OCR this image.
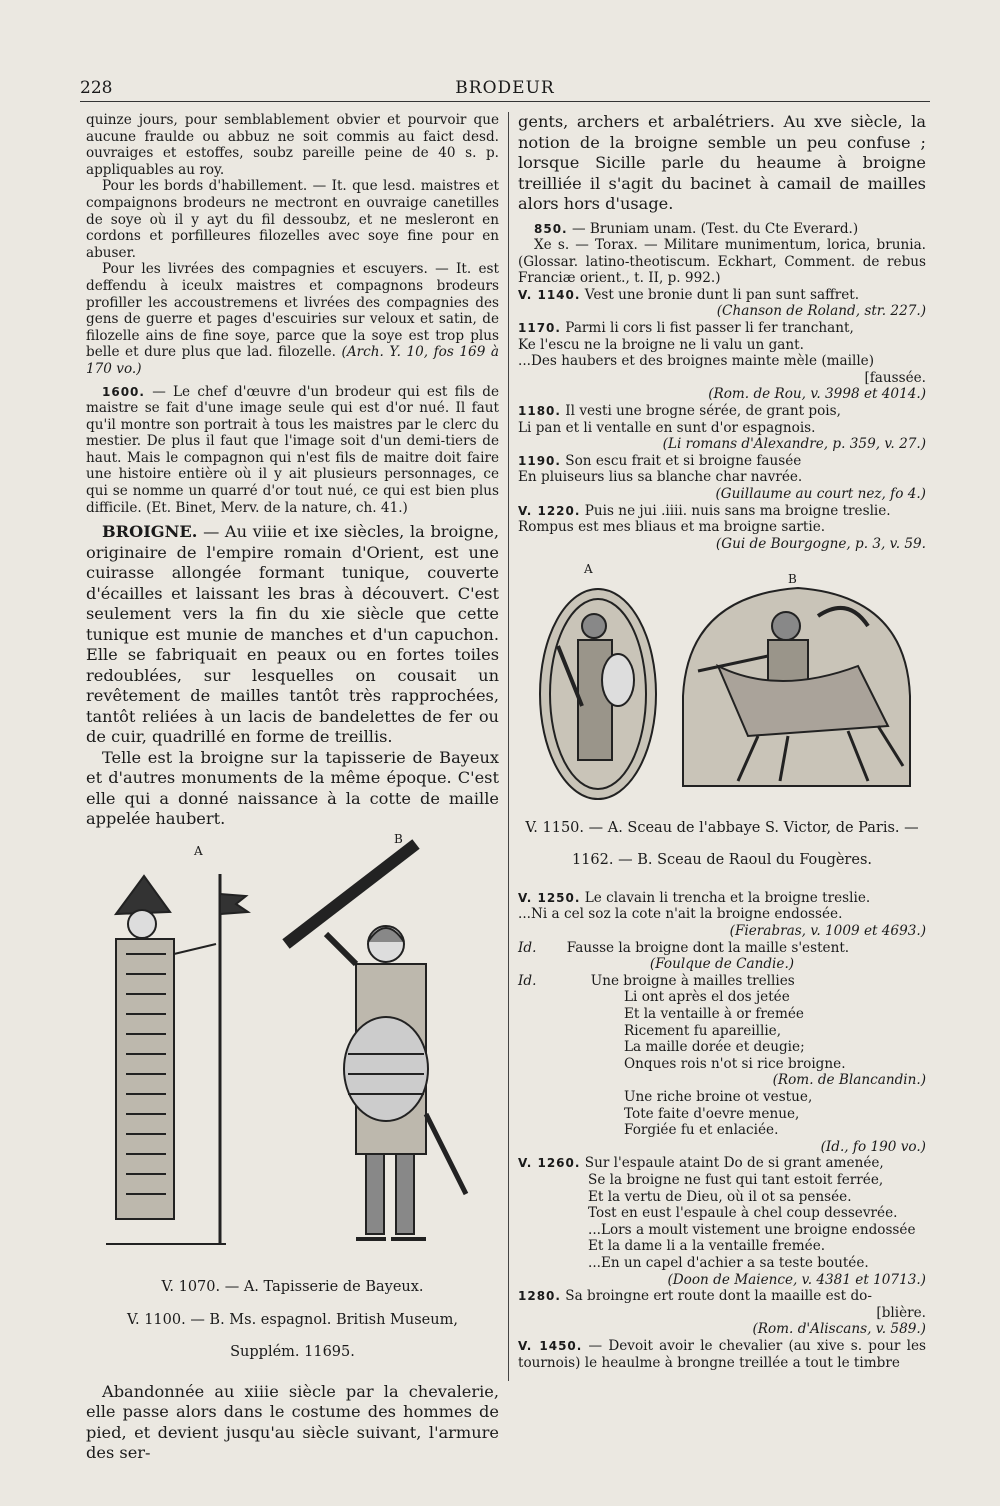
228	BRODEUR

quinze jours, pour semblablement obvier et pourvoir que aucune fraulde ou abbuz ne soit commis au faict desd. ouvraiges et estoffes, soubz pareille peine de 40 s. p. appliquables au roy.

Pour les bords d'habillement. — It. que lesd. maistres et compaignons brodeurs ne mectront en ouvraige canetilles de soye où il y ayt du fil dessoubz, et ne mesleront en cordons et porfilleures filozelles avec soye fine pour en abuser.

Pour les livrées des compagnies et escuyers. — It. est deffendu à iceulx maistres et compagnons brodeurs profiller les accoustremens et livrées des compagnies des gens de guerre et pages d'escuiries sur veloux et satin, de filozelle ains de fine soye, parce que la soye est trop plus belle et dure plus que lad. filozelle. (Arch. Y. 10, fos 169 à 170 vo.)

1600. — Le chef d'œuvre d'un brodeur qui est fils de maistre se fait d'une image seule qui est d'or nué. Il faut qu'il montre son portrait à tous les maistres par le clerc du mestier. De plus il faut que l'image soit d'un demi-tiers de haut. Mais le compagnon qui n'est fils de maitre doit faire une histoire entière où il y ait plusieurs personnages, ce qui se nomme un quarré d'or tout nué, ce qui est bien plus difficile. (Et. Binet, Merv. de la nature, ch. 41.)

BROIGNE. — Au viiie et ixe siècles, la broigne, originaire de l'empire romain d'Orient, est une cuirasse allongée formant tunique, couverte d'écailles et laissant les bras à découvert. C'est seulement vers la fin du xie siècle que cette tunique est munie de manches et d'un capuchon. Elle se fabriquait en peaux ou en fortes toiles redoublées, sur lesquelles on cousait un revêtement de mailles tantôt très rapprochées, tantôt reliées à un lacis de bandelettes de fer ou de cuir, quadrillé en forme de treillis.

Telle est la broigne sur la tapisserie de Bayeux et d'autres monuments de la même époque. C'est elle qui a donné naissance à la cotte de maille appelée haubert.

A
B

V. 1070. — A. Tapisserie de Bayeux.

V. 1100. — B. Ms. espagnol. British Museum,

Supplém. 11695.

Abandonnée au xiiie siècle par la chevalerie, elle passe alors dans le costume des hommes de pied, et devient jusqu'au siècle suivant, l'armure des ser-

gents, archers et arbalétriers. Au xve siècle, la notion de la broigne semble un peu confuse ; lorsque Sicille parle du heaume à broigne treilliée il s'agit du bacinet à camail de mailles alors hors d'usage.

850. — Bruniam unam. (Test. du Cte Everard.)

Xe s. — Torax. — Militare munimentum, lorica, brunia. (Glossar. latino-theotiscum. Eckhart, Comment. de rebus Franciæ orient., t. II, p. 992.)

V. 1140. Vest une bronie dunt li pan sunt saffret.

(Chanson de Roland, str. 227.)

1170. Parmi li cors li fist passer li fer tranchant,

Ke l'escu ne la broigne ne li valu un gant.

...Des haubers et des broignes mainte mèle (maille)

[faussée.

(Rom. de Rou, v. 3998 et 4014.)

1180. Il vesti une brogne sérée, de grant pois,

Li pan et li ventalle en sunt d'or espagnois.

(Li romans d'Alexandre, p. 359, v. 27.)

1190. Son escu frait et si broigne fausée

En pluiseurs lius sa blanche char navrée.

(Guillaume au court nez, fo 4.)

V. 1220. Puis ne jui .iiii. nuis sans ma broigne treslie.

Rompus est mes bliaus et ma broigne sartie.

(Gui de Bourgogne, p. 3, v. 59.

A
B

V. 1150. — A. Sceau de l'abbaye S. Victor, de Paris. —

1162. — B. Sceau de Raoul du Fougères.

V. 1250. Le clavain li trencha et la broigne treslie.

...Ni a cel soz la cote n'ait la broigne endossée.

(Fierabras, v. 1009 et 4693.)

Id. Fausse la broigne dont la maille s'estent.

(Foulque de Candie.)

Id.	Une broigne à mailles trellies

Li ont après el dos jetée

Et la ventaille à or fremée

Ricement fu apareillie,

La maille dorée et deugie;

Onques rois n'ot si rice broigne.

(Rom. de Blancandin.)

Une riche broine ot vestue,

Tote faite d'oevre menue,

Forgiée fu et enlaciée.

(Id., fo 190 vo.)

V. 1260. Sur l'espaule ataint Do de si grant amenée,

Se la broigne ne fust qui tant estoit ferrée,

Et la vertu de Dieu, où il ot sa pensée.

Tost en eust l'espaule à chel coup dessevrée.

...Lors a moult vistement une broigne endossée

Et la dame li a la ventaille fremée.

...En un capel d'achier a sa teste boutée.

(Doon de Maience, v. 4381 et 10713.)

1280. Sa broingne ert route dont la maaille est do-

[blière.

(Rom. d'Aliscans, v. 589.)

V. 1450. — Devoit avoir le chevalier (au xive s. pour les tournois) le heaulme à brongne treillée a tout le timbre
